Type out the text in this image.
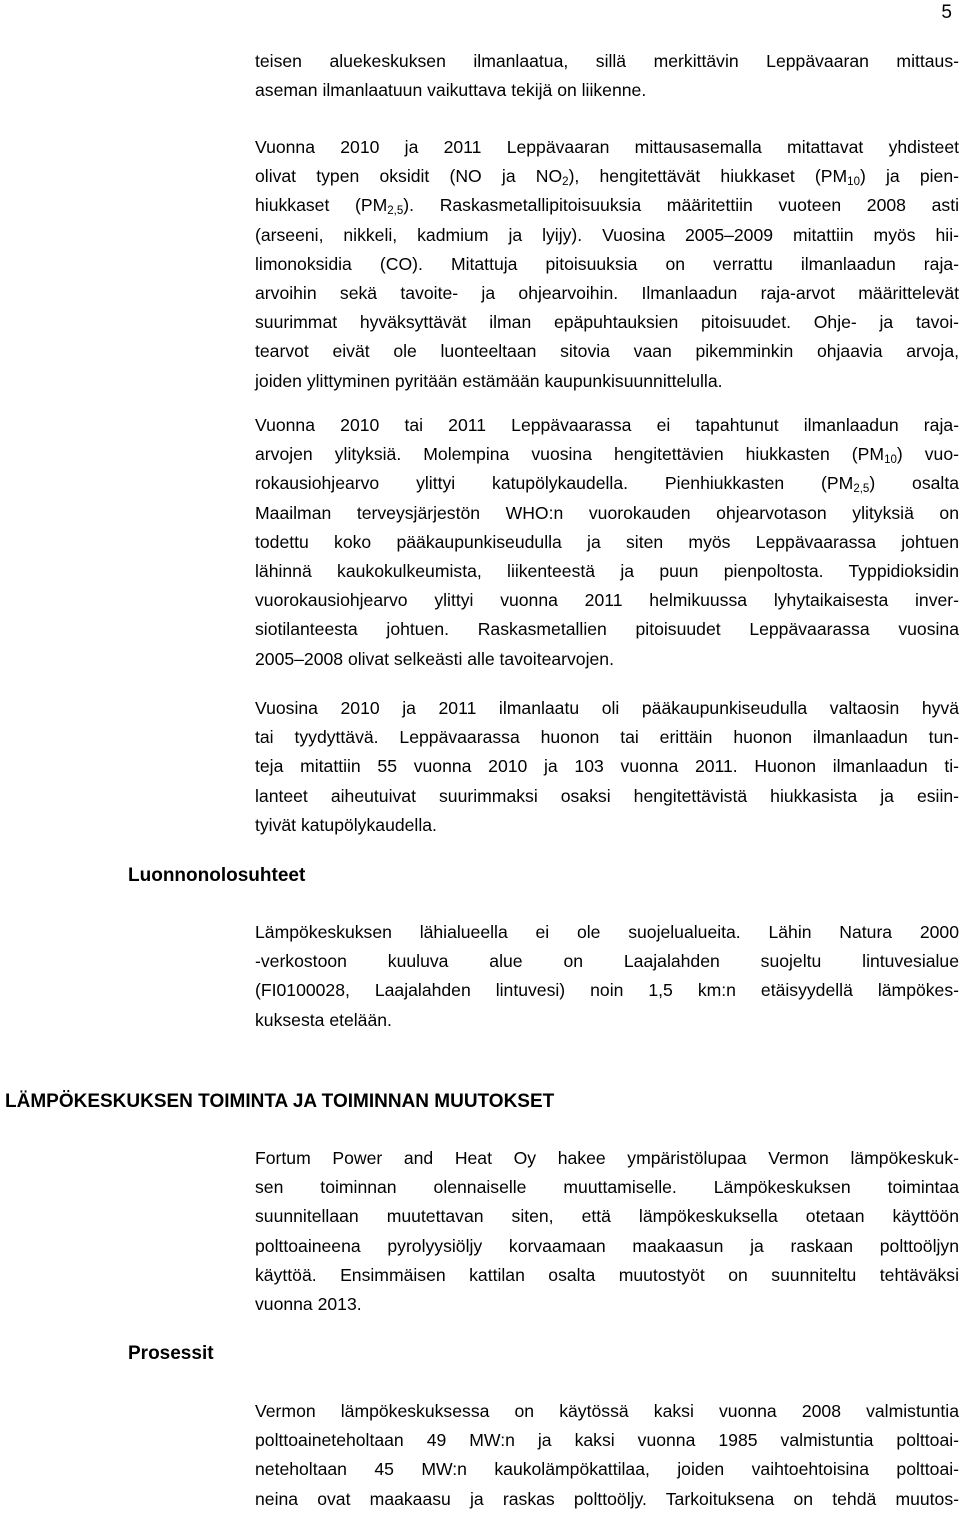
5
teisen aluekeskuksen ilmanlaatua, sillä merkittävin Leppävaaran mittaus-
aseman ilmanlaatuun vaikuttava tekijä on liikenne.
Vuonna 2010 ja 2011 Leppävaaran mittausasemalla mitattavat yhdisteet
olivat typen oksidit (NO ja $NO_2$), hengitettävät hiukkaset $(PM_{10})$ ja pien-
hiukkaset $(PM_{2,5})$. Raskasmetallipitoisuuksia määritettiin vuoteen 2008 asti
(arseeni, nikkeli, kadmium ja lyijy). Vuosina 2005–2009 mitattiin myös hii-
limonoksidia (CO). Mitattuja pitoisuuksia on verrattu ilmanlaadun raja-
arvoihin sekä tavoite- ja ohjearvoihin. Ilmanlaadun raja-arvot määrittelevät
suurimmat hyväksyttävät ilman epäpuhtauksien pitoisuudet. Ohje- ja tavoi-
tearvot eivät ole luonteeltaan sitovia vaan pikemminkin ohjaavia arvoja,
joiden ylittyminen pyritään estämään kaupunkisuunnittelulla.
Vuonna 2010 tai 2011 Leppävaarassa ei tapahtunut ilmanlaadun raja-
arvojen ylityksiä. Molempina vuosina hengitettävien hiukkasten $(PM_{10})$ vuo-
rokausiohjearvo ylittyi katupölykaudella. Pienhiukkasten $(PM_{2,5})$ osalta
Maailman terveysjärjestön WHO:n vuorokauden ohjearvotason ylityksiä on
todettu koko pääkaupunkiseudulla ja siten myös Leppävaarassa johtuen
lähinnä kaukokulkeumista, liikenteestä ja puun pienpoltosta. Typpidioksidin
vuorokausiohjearvo ylittyi vuonna 2011 helmikuussa lyhytaikaisesta inver-
siotilanteesta johtuen. Raskasmetallien pitoisuudet Leppävaarassa vuosina
2005–2008 olivat selkeästi alle tavoitearvojen.
Vuosina 2010 ja 2011 ilmanlaatu oli pääkaupunkiseudulla valtaosin hyvä
tai tyydyttävä. Leppävaarassa huonon tai erittäin huonon ilmanlaadun tun-
teja mitattiin 55 vuonna 2010 ja 103 vuonna 2011. Huonon ilmanlaadun ti-
lanteet aiheutuivat suurimmaksi osaksi hengitettävistä hiukkasista ja esiin-
tyivät katupölykaudella.
Luonnonolosuhteet
Lämpökeskuksen lähialueella ei ole suojelualueita. Lähin Natura 2000
-verkostoon kuuluva alue on Laajalahden suojeltu lintuvesialue
(FI0100028, Laajalahden lintuvesi) noin 1,5 km:n etäisyydellä lämpökes-
kuksesta etelään.
LÄMPÖKESKUKSEN TOIMINTA JA TOIMINNAN MUUTOKSET
Fortum Power and Heat Oy hakee ympäristölupaa Vermon lämpökeskuk-
sen toiminnan olennaiselle muuttamiselle. Lämpökeskuksen toimintaa
suunnitellaan muutettavan siten, että lämpökeskuksella otetaan käyttöön
polttoaineena pyrolyysiöljy korvaamaan maakaasun ja raskaan polttoöljyn
käyttöä. Ensimmäisen kattilan osalta muutostyöt on suunniteltu tehtäväksi
vuonna 2013.
Prosessit
Vermon lämpökeskuksessa on käytössä kaksi vuonna 2008 valmistuntia
polttoaineteholtaan 49 MW:n ja kaksi vuonna 1985 valmistuntia polttoai-
neteholtaan 45 MW:n kaukolämpökattilaa, joiden vaihtoehtoisina polttoai-
neina ovat maakaasu ja raskas polttoöljy. Tarkoituksena on tehdä muutos-
